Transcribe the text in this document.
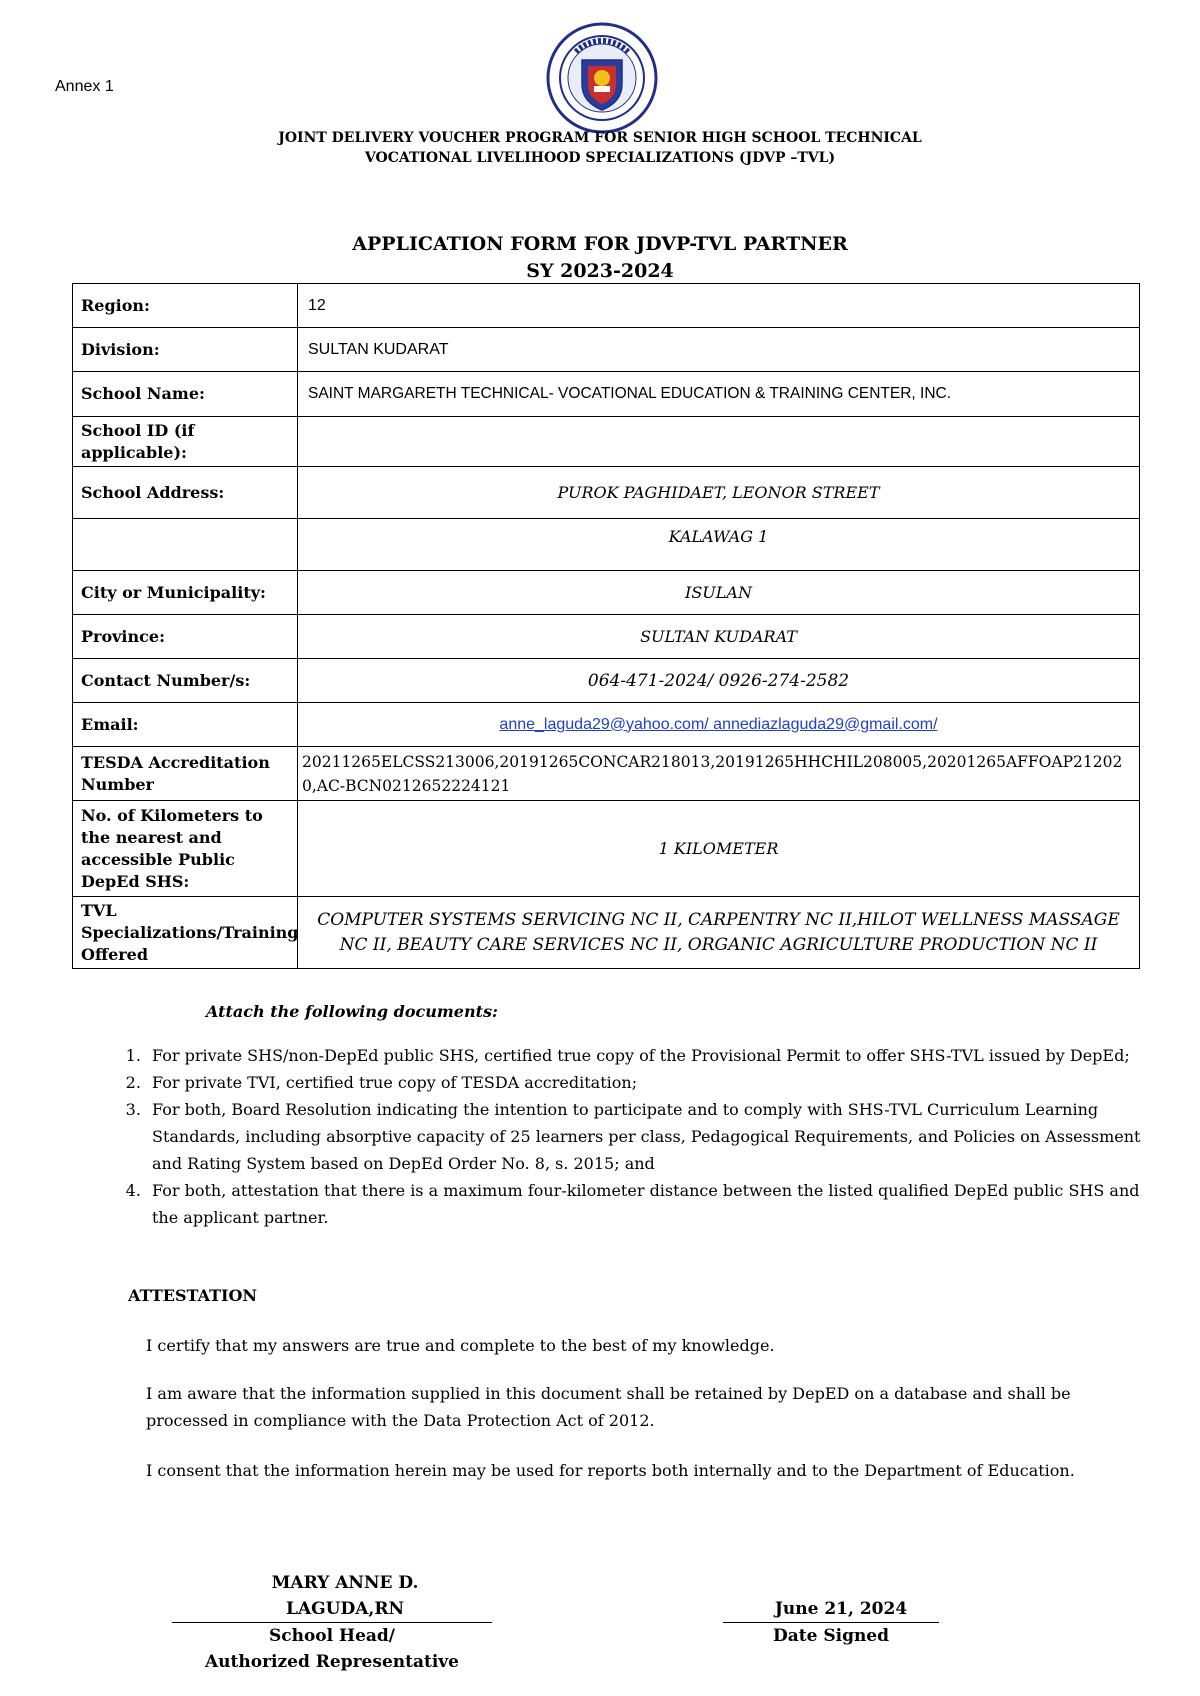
Annex 1
JOINT DELIVERY VOUCHER PROGRAM FOR SENIOR HIGH SCHOOL TECHNICAL
VOCATIONAL LIVELIHOOD SPECIALIZATIONS (JDVP –TVL)
APPLICATION FORM FOR JDVP-TVL PARTNER
SY 2023-2024
Region:	12
Division:	SULTAN KUDARAT
School Name:	SAINT MARGARETH TECHNICAL- VOCATIONAL EDUCATION & TRAINING CENTER, INC.
School ID (if applicable):	
School Address:	PUROK PAGHIDAET, LEONOR STREET
	KALAWAG 1
City or Municipality:	ISULAN
Province:	SULTAN KUDARAT
Contact Number/s:	064-471-2024/ 0926-274-2582
Email:	anne_laguda29@yahoo.com/ annediazlaguda29@gmail.com/
TESDA Accreditation Number	20211265ELCSS213006,20191265CONCAR218013,20191265HHCHIL208005,20201265AFFOAP212020,AC-BCN0212652224121
No. of Kilometers to the nearest and accessible Public DepEd SHS:	1 KILOMETER
TVL Specializations/Training Offered	COMPUTER SYSTEMS SERVICING NC II, CARPENTRY NC II,HILOT WELLNESS MASSAGE NC II, BEAUTY CARE SERVICES NC II, ORGANIC AGRICULTURE PRODUCTION NC II
Attach the following documents:
1. For private SHS/non-DepEd public SHS, certified true copy of the Provisional Permit to offer SHS-TVL issued by DepEd;
2. For private TVI, certified true copy of TESDA accreditation;
3. For both, Board Resolution indicating the intention to participate and to comply with SHS-TVL Curriculum Learning Standards, including absorptive capacity of 25 learners per class, Pedagogical Requirements, and Policies on Assessment and Rating System based on DepEd Order No. 8, s. 2015; and
4. For both, attestation that there is a maximum four-kilometer distance between the listed qualified DepEd public SHS and the applicant partner.
ATTESTATION

I certify that my answers are true and complete to the best of my knowledge.

I am aware that the information supplied in this document shall be retained by DepED on a database and shall be processed in compliance with the Data Protection Act of 2012.

I consent that the information herein may be used for reports both internally and to the Department of Education.

MARY ANNE D. LAGUDA,RN
School Head/
Authorized Representative
June 21, 2024
Date Signed
